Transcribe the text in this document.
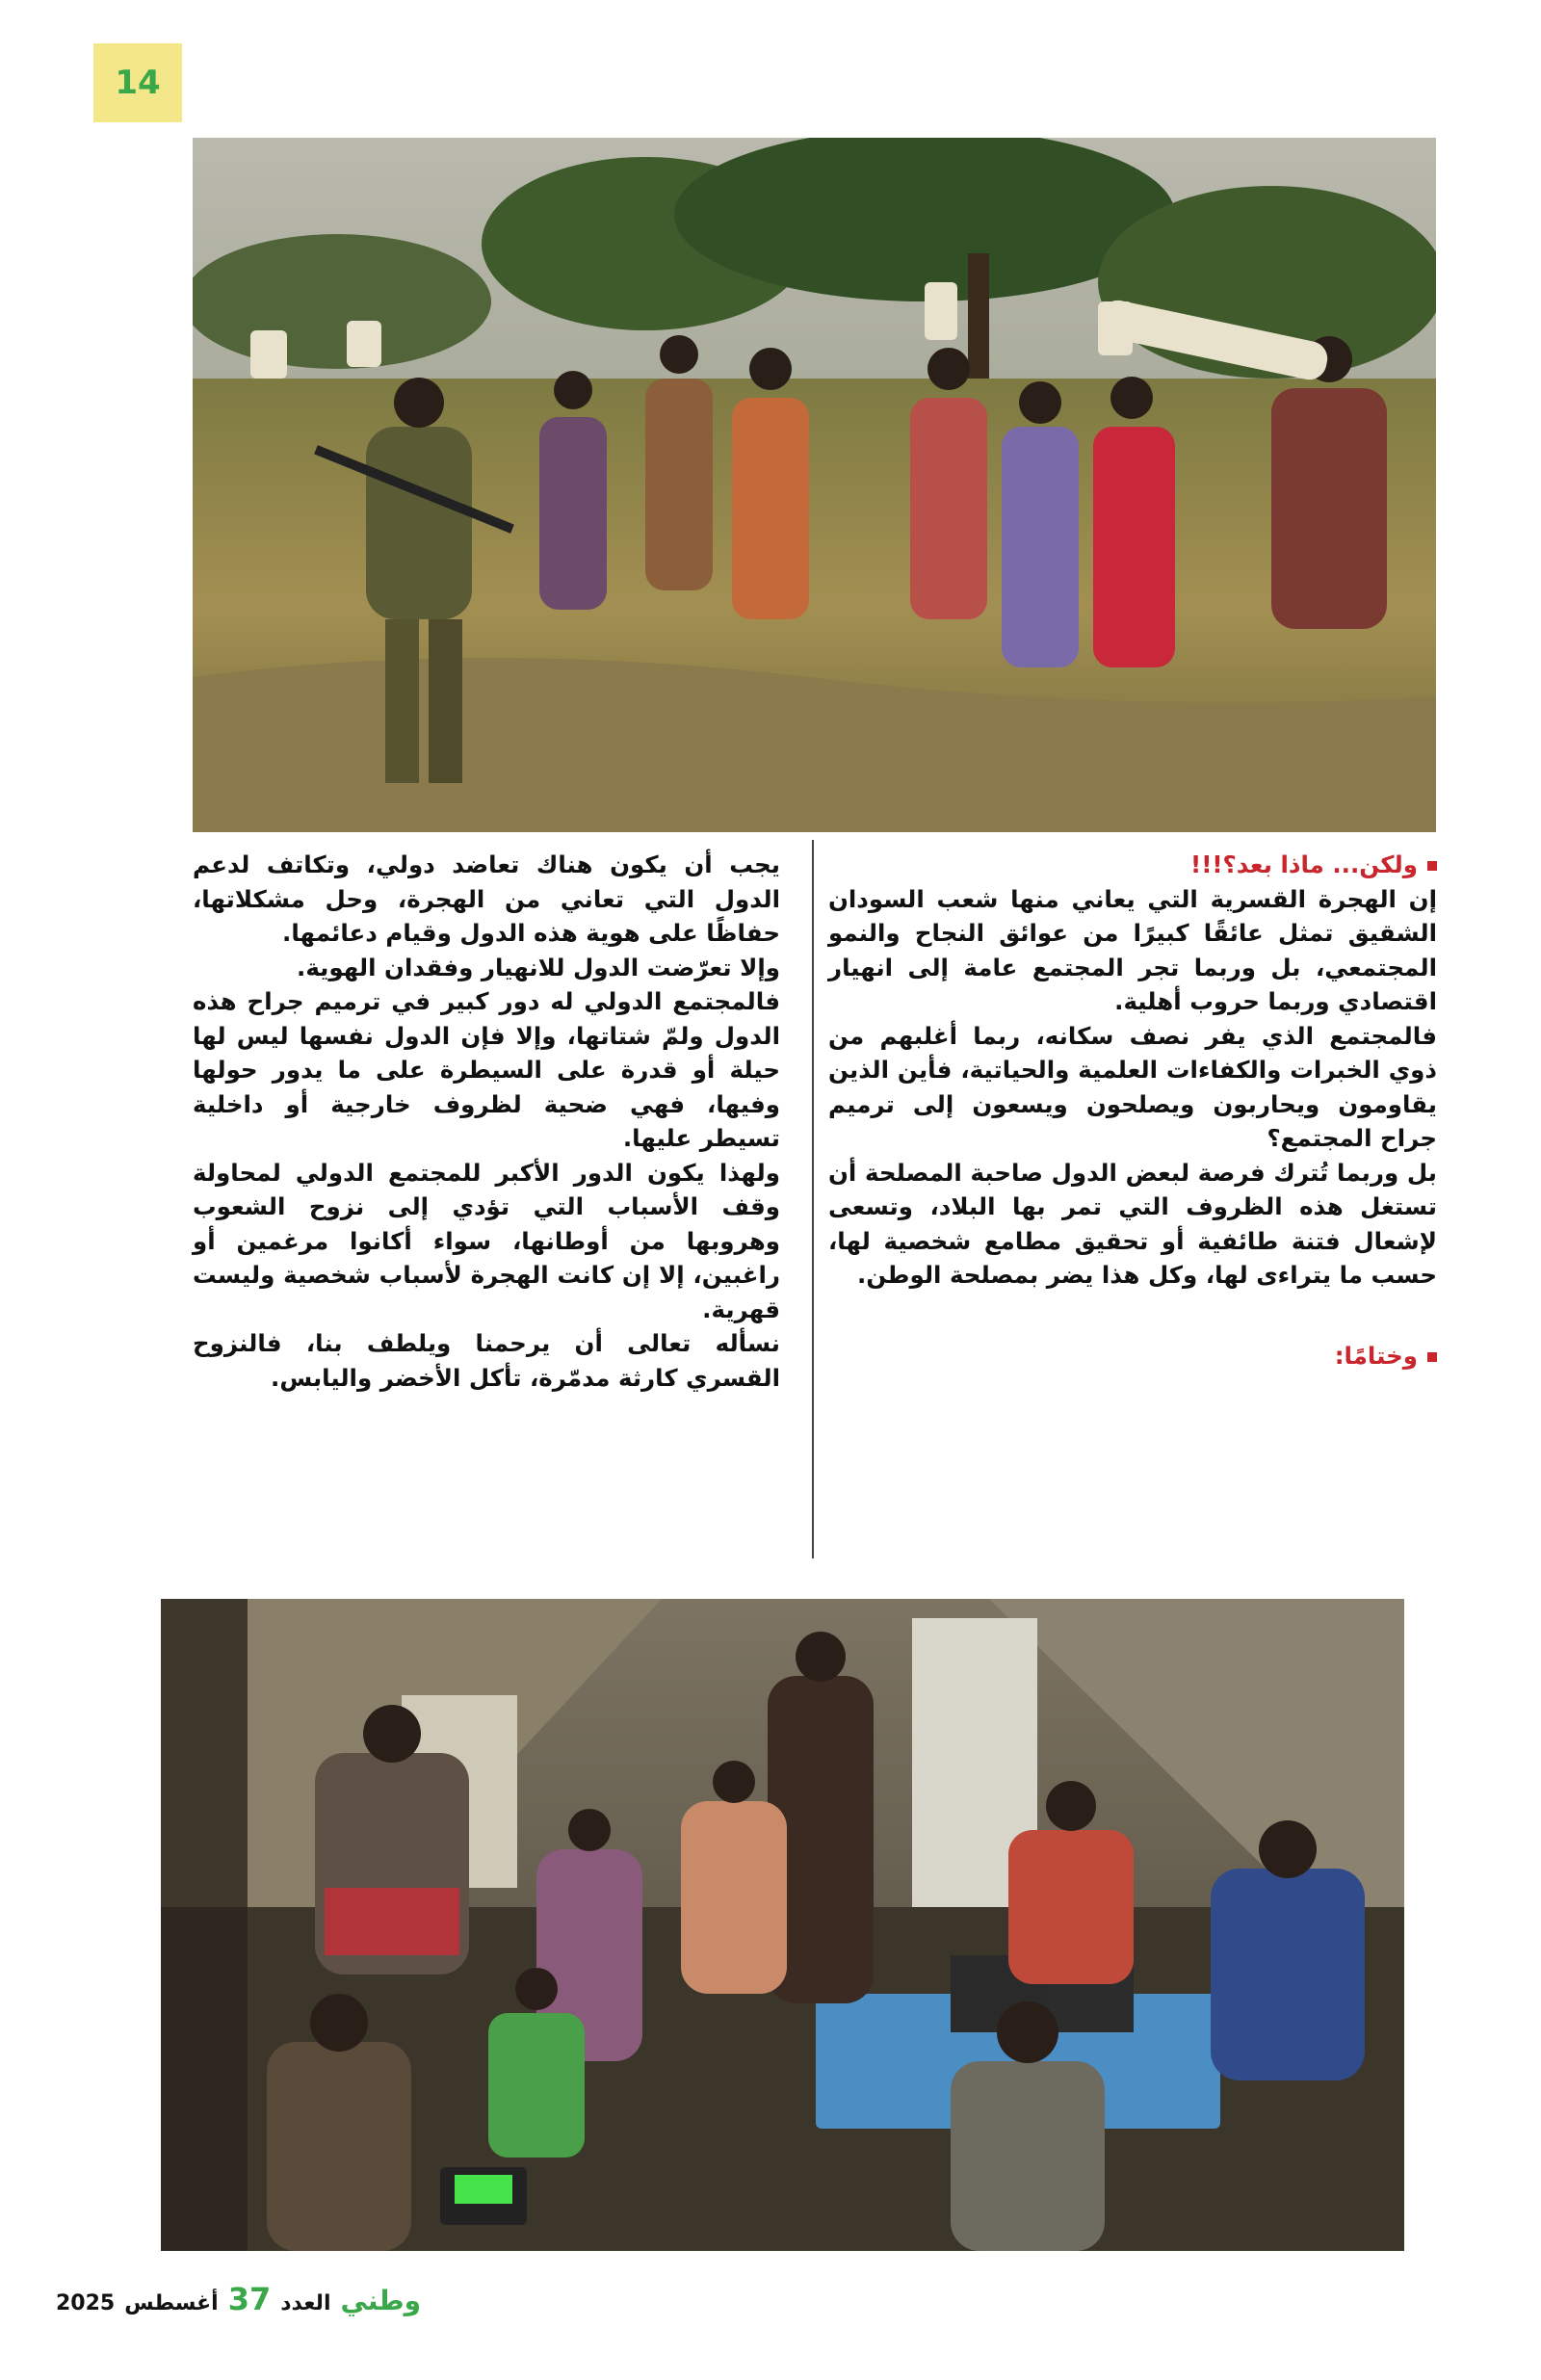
14

ولكن... ماذا بعد؟!!!

إن الهجرة القسرية التي يعاني منها شعب السودان الشقيق تمثل عائقًا كبيرًا من عوائق النجاح والنمو المجتمعي، بل وربما تجر المجتمع عامة إلى انهيار اقتصادي وربما حروب أهلية.

فالمجتمع الذي يفر نصف سكانه، ربما أغلبهم من ذوي الخبرات والكفاءات العلمية والحياتية، فأين الذين يقاومون ويحاربون ويصلحون ويسعون إلى ترميم جراح المجتمع؟

بل وربما تُترك فرصة لبعض الدول صاحبة المصلحة أن تستغل هذه الظروف التي تمر بها البلاد، وتسعى لإشعال فتنة طائفية أو تحقيق مطامع شخصية لها، حسب ما يتراءى لها، وكل هذا يضر بمصلحة الوطن.

وختامًا:

يجب أن يكون هناك تعاضد دولي، وتكاتف لدعم الدول التي تعاني من الهجرة، وحل مشكلاتها، حفاظًا على هوية هذه الدول وقيام دعائمها.

وإلا تعرّضت الدول للانهيار وفقدان الهوية.

فالمجتمع الدولي له دور كبير في ترميم جراح هذه الدول ولمّ شتاتها، وإلا فإن الدول نفسها ليس لها حيلة أو قدرة على السيطرة على ما يدور حولها وفيها، فهي ضحية لظروف خارجية أو داخلية تسيطر عليها.

ولهذا يكون الدور الأكبر للمجتمع الدولي لمحاولة وقف الأسباب التي تؤدي إلى نزوح الشعوب وهروبها من أوطانها، سواء أكانوا مرغمين أو راغبين، إلا إن كانت الهجرة لأسباب شخصية وليست قهرية.

نسأله تعالى أن يرحمنا ويلطف بنا، فالنزوح القسري كارثة مدمّرة، تأكل الأخضر واليابس.

2025 أغسطس 37 العدد وطني
